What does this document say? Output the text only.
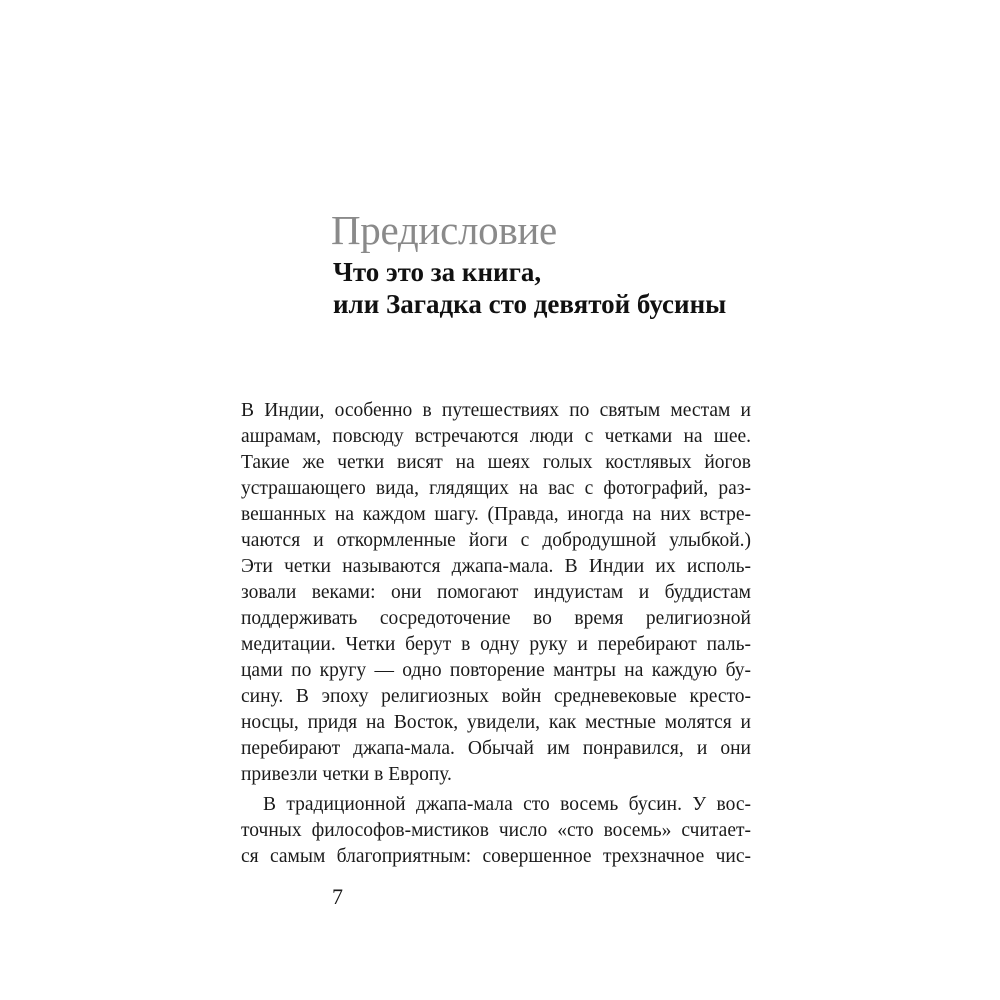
Предисловие
Что это за книга,
или Загадка сто девятой бусины
В Индии, особенно в путешествиях по святым местам и
ашрамам, повсюду встречаются люди с четками на шее.
Такие же четки висят на шеях голых костлявых йогов
устрашающего вида, глядящих на вас с фотографий, раз-
вешанных на каждом шагу. (Правда, иногда на них встре-
чаются и откормленные йоги с добродушной улыбкой.)
Эти четки называются джапа-мала. В Индии их исполь-
зовали веками: они помогают индуистам и буддистам
поддерживать сосредоточение во время религиозной
медитации. Четки берут в одну руку и перебирают паль-
цами по кругу — одно повторение мантры на каждую бу-
сину. В эпоху религиозных войн средневековые кресто-
носцы, придя на Восток, увидели, как местные молятся и
перебирают джапа-мала. Обычай им понравился, и они
привезли четки в Европу.
В традиционной джапа-мала сто восемь бусин. У вос-
точных философов-мистиков число «сто восемь» считает-
ся самым благоприятным: совершенное трехзначное чис-
7
